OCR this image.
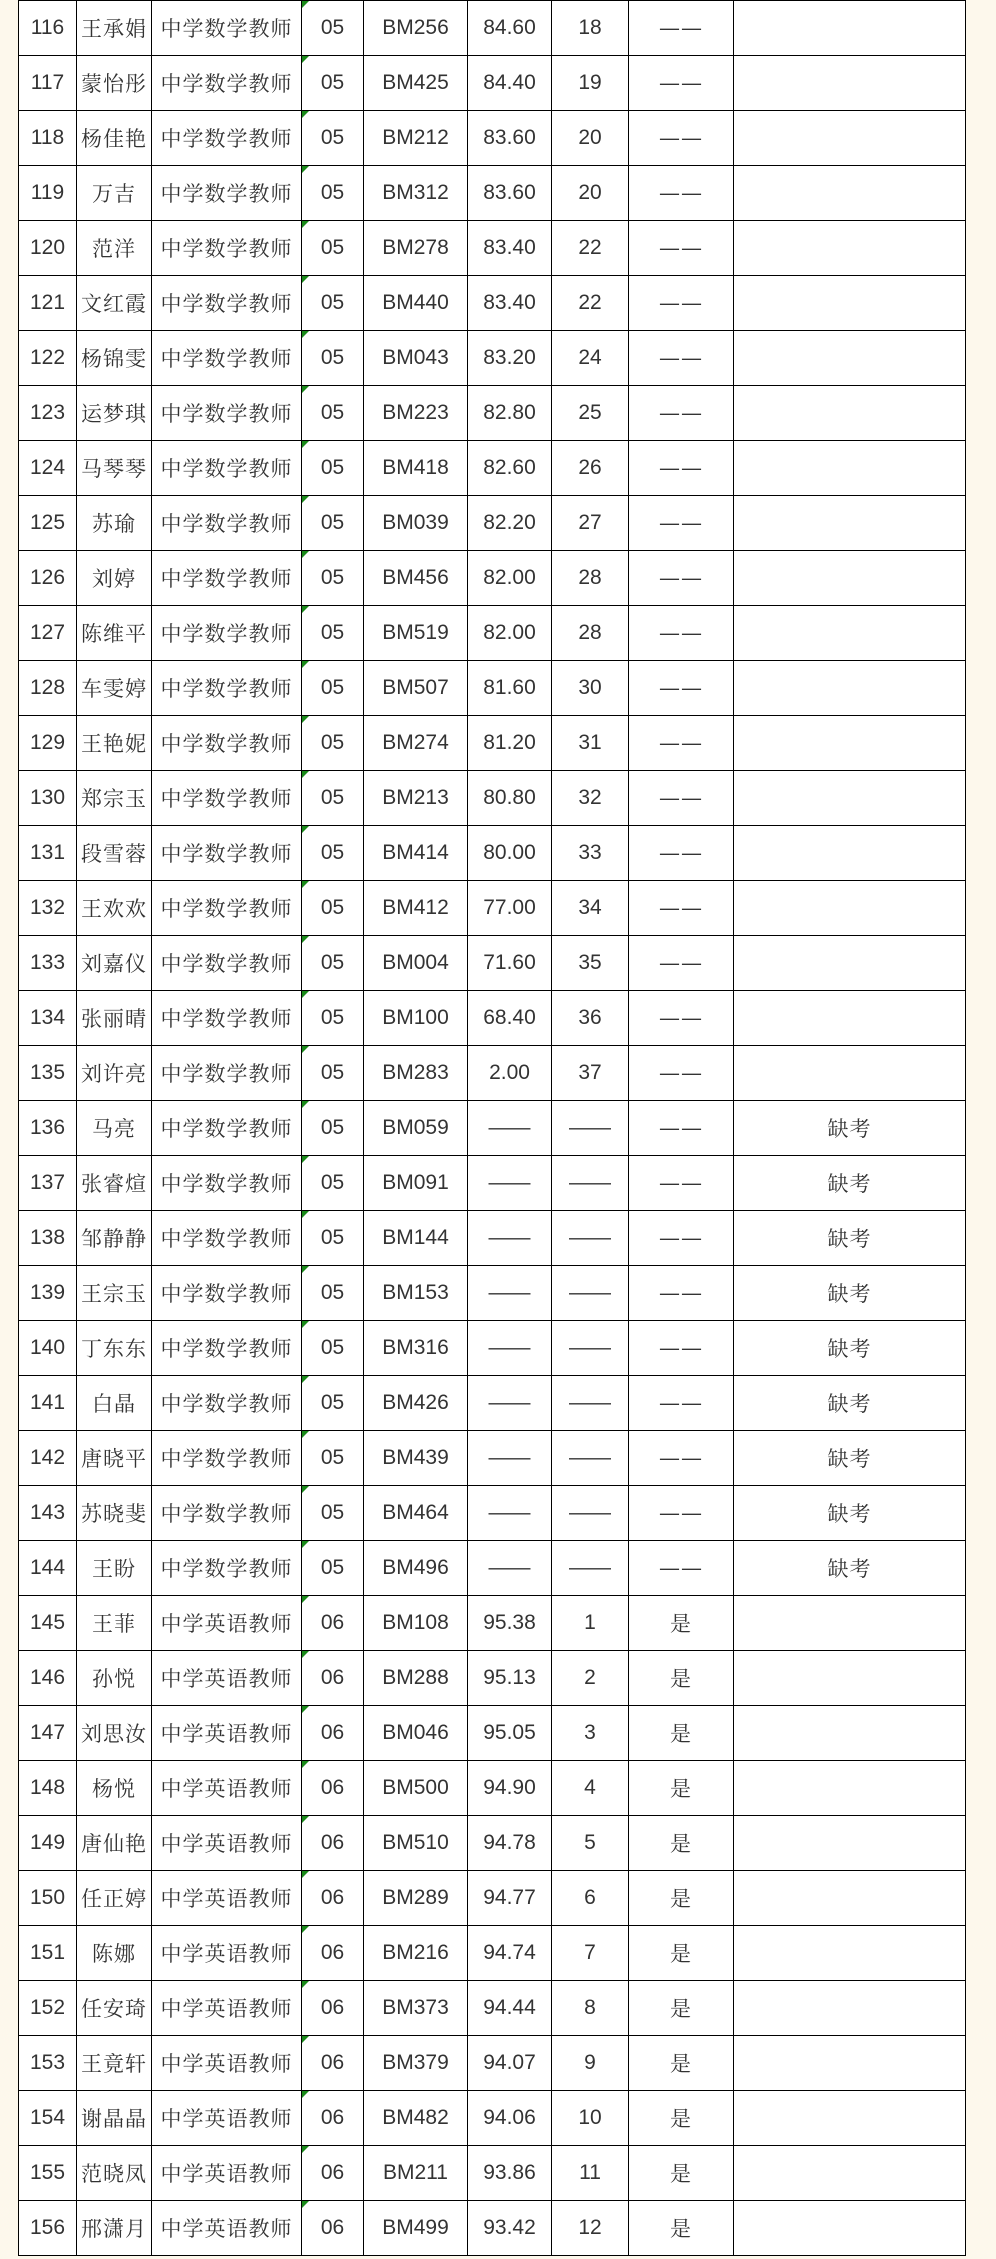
116	王承娟	中学数学教师	05	BM256	84.60	18	——	
117	蒙怡彤	中学数学教师	05	BM425	84.40	19	——	
118	杨佳艳	中学数学教师	05	BM212	83.60	20	——	
119	万吉	中学数学教师	05	BM312	83.60	20	——	
120	范洋	中学数学教师	05	BM278	83.40	22	——	
121	文红霞	中学数学教师	05	BM440	83.40	22	——	
122	杨锦雯	中学数学教师	05	BM043	83.20	24	——	
123	运梦琪	中学数学教师	05	BM223	82.80	25	——	
124	马琴琴	中学数学教师	05	BM418	82.60	26	——	
125	苏瑜	中学数学教师	05	BM039	82.20	27	——	
126	刘婷	中学数学教师	05	BM456	82.00	28	——	
127	陈维平	中学数学教师	05	BM519	82.00	28	——	
128	车雯婷	中学数学教师	05	BM507	81.60	30	——	
129	王艳妮	中学数学教师	05	BM274	81.20	31	——	
130	郑宗玉	中学数学教师	05	BM213	80.80	32	——	
131	段雪蓉	中学数学教师	05	BM414	80.00	33	——	
132	王欢欢	中学数学教师	05	BM412	77.00	34	——	
133	刘嘉仪	中学数学教师	05	BM004	71.60	35	——	
134	张丽晴	中学数学教师	05	BM100	68.40	36	——	
135	刘许亮	中学数学教师	05	BM283	2.00	37	——	
136	马亮	中学数学教师	05	BM059	——	——	——	缺考
137	张睿煊	中学数学教师	05	BM091	——	——	——	缺考
138	邹静静	中学数学教师	05	BM144	——	——	——	缺考
139	王宗玉	中学数学教师	05	BM153	——	——	——	缺考
140	丁东东	中学数学教师	05	BM316	——	——	——	缺考
141	白晶	中学数学教师	05	BM426	——	——	——	缺考
142	唐晓平	中学数学教师	05	BM439	——	——	——	缺考
143	苏晓斐	中学数学教师	05	BM464	——	——	——	缺考
144	王盼	中学数学教师	05	BM496	——	——	——	缺考
145	王菲	中学英语教师	06	BM108	95.38	1	是	
146	孙悦	中学英语教师	06	BM288	95.13	2	是	
147	刘思汝	中学英语教师	06	BM046	95.05	3	是	
148	杨悦	中学英语教师	06	BM500	94.90	4	是	
149	唐仙艳	中学英语教师	06	BM510	94.78	5	是	
150	任正婷	中学英语教师	06	BM289	94.77	6	是	
151	陈娜	中学英语教师	06	BM216	94.74	7	是	
152	任安琦	中学英语教师	06	BM373	94.44	8	是	
153	王竟轩	中学英语教师	06	BM379	94.07	9	是	
154	谢晶晶	中学英语教师	06	BM482	94.06	10	是	
155	范晓凤	中学英语教师	06	BM211	93.86	11	是	
156	邢潇月	中学英语教师	06	BM499	93.42	12	是	
